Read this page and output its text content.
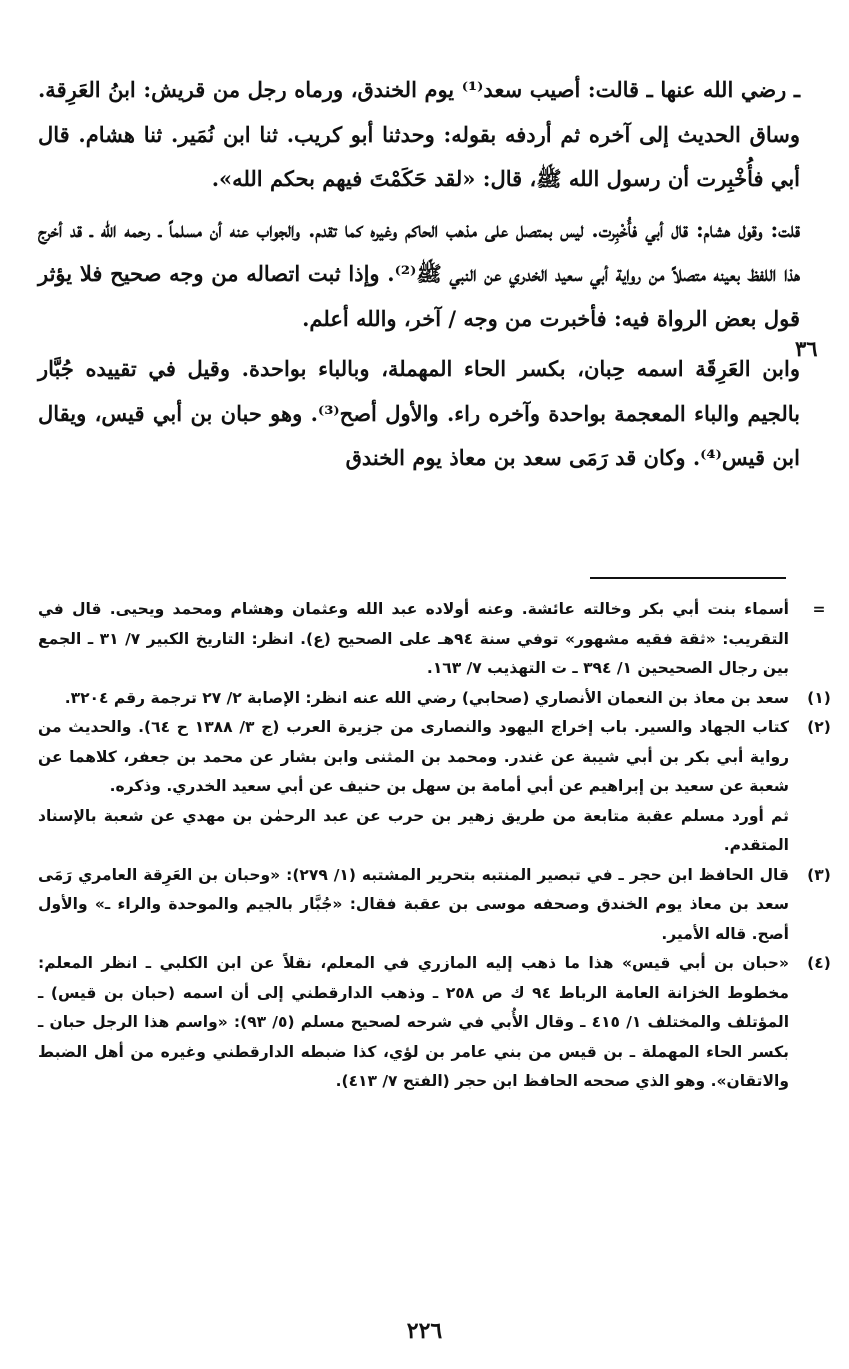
ـ رضي الله عنها ـ قالت: أصيب سعد⁽¹⁾ يوم الخندق، ورماه رجل من قريش: ابنُ العَرِقة. وساق الحديث إلى آخره ثم أردفه بقوله: وحدثنا أبو كريب. ثنا ابن نُمَير. ثنا هشام. قال أبي فأُخْبِرت أن رسول الله ﷺ، قال: «لقد حَكَمْتَ فيهم بحكم الله».

قلت: وقول هشام: قال أبي فأُخْبِرت. ليس بمتصل على مذهب الحاكم وغيره كما تقدم. والجواب عنه أن مسلماً ـ رحمه الله ـ قد أخرج هذا اللفظ بعينه متصلاً من رواية أبي سعيد الخدري عن النبي ﷺ⁽²⁾. وإذا ثبت اتصاله من وجه صحيح فلا يؤثر قول بعض الرواة فيه: فأخبرت من وجه / آخر، والله أعلم.

وابن العَرِقَة اسمه حِبان، بكسر الحاء المهملة، وبالباء بواحدة. وقيل في تقييده جُبَّار بالجيم والباء المعجمة بواحدة وآخره راء. والأول أصح⁽³⁾. وهو حبان بن أبي قيس، ويقال ابن قيس⁽⁴⁾. وكان قد رَمَى سعد بن معاذ يوم الخندق

٣٦
=
أسماء بنت أبي بكر وخالته عائشة. وعنه أولاده عبد الله وعثمان وهشام ومحمد ويحيى. قال في التقريب: «ثقة فقيه مشهور» توفي سنة ٩٤هـ على الصحيح (ع). انظر: التاريخ الكبير ٧/ ٣١ ـ الجمع بين رجال الصحيحين ١/ ٣٩٤ ـ ت التهذيب ٧/ ١٦٣.
(١)
سعد بن معاذ بن النعمان الأنصاري (صحابي) رضي الله عنه انظر: الإصابة ٢/ ٢٧ ترجمة رقم ٣٢٠٤.
(٢)
كتاب الجهاد والسير. باب إخراج اليهود والنصارى من جزيرة العرب (ج ٣/ ١٣٨٨ ح ٦٤). والحديث من رواية أبي بكر بن أبي شيبة عن غندر. ومحمد بن المثنى وابن بشار عن محمد بن جعفر، كلاهما عن شعبة عن سعيد بن إبراهيم عن أبي أمامة بن سهل بن حنيف عن أبي سعيد الخدري. وذكره.
ثم أورد مسلم عقبة متابعة من طريق زهير بن حرب عن عبد الرحمٰن بن مهدي عن شعبة بالإسناد المتقدم.
(٣)
قال الحافظ ابن حجر ـ في تبصير المنتبه بتحرير المشتبه (١/ ٢٧٩): «وحبان بن العَرِقة العامري رَمَى سعد بن معاذ يوم الخندق وصحفه موسى بن عقبة فقال: «جُبَّار بالجيم والموحدة والراء ـ» والأول أصح. قاله الأمير.
(٤)
«حبان بن أبي قيس» هذا ما ذهب إليه المازري في المعلم، نقلاً عن ابن الكلبي ـ انظر المعلم: مخطوط الخزانة العامة الرباط ٩٤ ك ص ٢٥٨ ـ وذهب الدارقطني إلى أن اسمه (حبان بن قيس) ـ المؤتلف والمختلف ١/ ٤١٥ ـ وقال الأُبي في شرحه لصحيح مسلم (٥/ ٩٣): «واسم هذا الرجل حبان ـ بكسر الحاء المهملة ـ بن قيس من بني عامر بن لؤي، كذا ضبطه الدارقطني وغيره من أهل الضبط والاتقان». وهو الذي صححه الحافظ ابن حجر (الفتح ٧/ ٤١٣).
٢٢٦
